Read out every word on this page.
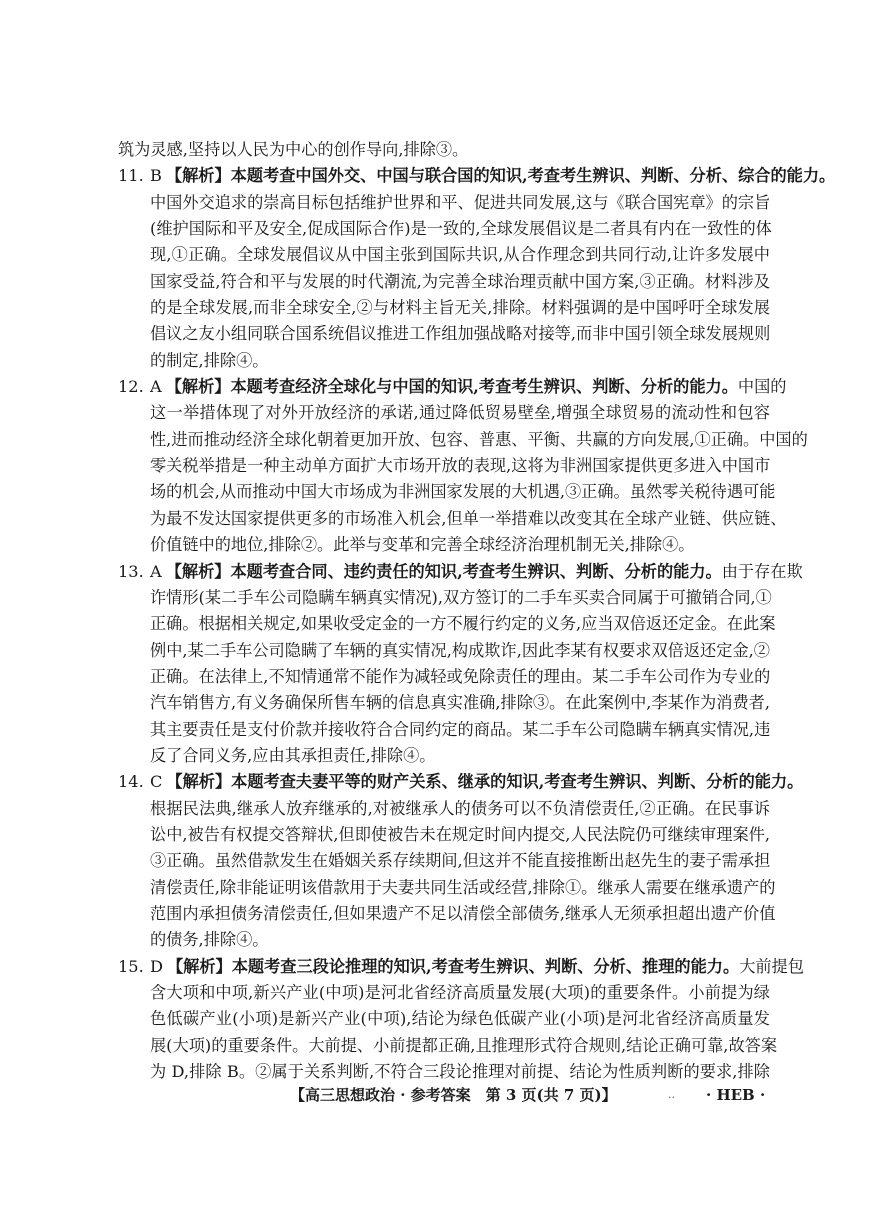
筑为灵感,坚持以人民为中心的创作导向,排除③。
11. B 【解析】本题考查中国外交、中国与联合国的知识,考查考生辨识、判断、分析、综合的能力。
中国外交追求的崇高目标包括维护世界和平、促进共同发展,这与《联合国宪章》的宗旨
(维护国际和平及安全,促成国际合作)是一致的,全球发展倡议是二者具有内在一致性的体
现,①正确。全球发展倡议从中国主张到国际共识,从合作理念到共同行动,让许多发展中
国家受益,符合和平与发展的时代潮流,为完善全球治理贡献中国方案,③正确。材料涉及
的是全球发展,而非全球安全,②与材料主旨无关,排除。材料强调的是中国呼吁全球发展
倡议之友小组同联合国系统倡议推进工作组加强战略对接等,而非中国引领全球发展规则
的制定,排除④。
12. A 【解析】本题考查经济全球化与中国的知识,考查考生辨识、判断、分析的能力。中国的
这一举措体现了对外开放经济的承诺,通过降低贸易壁垒,增强全球贸易的流动性和包容
性,进而推动经济全球化朝着更加开放、包容、普惠、平衡、共赢的方向发展,①正确。中国的
零关税举措是一种主动单方面扩大市场开放的表现,这将为非洲国家提供更多进入中国市
场的机会,从而推动中国大市场成为非洲国家发展的大机遇,③正确。虽然零关税待遇可能
为最不发达国家提供更多的市场准入机会,但单一举措难以改变其在全球产业链、供应链、
价值链中的地位,排除②。此举与变革和完善全球经济治理机制无关,排除④。
13. A 【解析】本题考查合同、违约责任的知识,考查考生辨识、判断、分析的能力。由于存在欺
诈情形(某二手车公司隐瞒车辆真实情况),双方签订的二手车买卖合同属于可撤销合同,①
正确。根据相关规定,如果收受定金的一方不履行约定的义务,应当双倍返还定金。在此案
例中,某二手车公司隐瞒了车辆的真实情况,构成欺诈,因此李某有权要求双倍返还定金,②
正确。在法律上,不知情通常不能作为减轻或免除责任的理由。某二手车公司作为专业的
汽车销售方,有义务确保所售车辆的信息真实准确,排除③。在此案例中,李某作为消费者,
其主要责任是支付价款并接收符合合同约定的商品。某二手车公司隐瞒车辆真实情况,违
反了合同义务,应由其承担责任,排除④。
14. C 【解析】本题考查夫妻平等的财产关系、继承的知识,考查考生辨识、判断、分析的能力。
根据民法典,继承人放弃继承的,对被继承人的债务可以不负清偿责任,②正确。在民事诉
讼中,被告有权提交答辩状,但即使被告未在规定时间内提交,人民法院仍可继续审理案件,
③正确。虽然借款发生在婚姻关系存续期间,但这并不能直接推断出赵先生的妻子需承担
清偿责任,除非能证明该借款用于夫妻共同生活或经营,排除①。继承人需要在继承遗产的
范围内承担债务清偿责任,但如果遗产不足以清偿全部债务,继承人无须承担超出遗产价值
的债务,排除④。
15. D 【解析】本题考查三段论推理的知识,考查考生辨识、判断、分析、推理的能力。大前提包
含大项和中项,新兴产业(中项)是河北省经济高质量发展(大项)的重要条件。小前提为绿
色低碳产业(小项)是新兴产业(中项),结论为绿色低碳产业(小项)是河北省经济高质量发
展(大项)的重要条件。大前提、小前提都正确,且推理形式符合规则,结论正确可靠,故答案
为 D,排除 B。②属于关系判断,不符合三段论推理对前提、结论为性质判断的要求,排除
【高三思想政治 · 参考答案　第 3 页(共 7 页)】	.. · HEB ·
